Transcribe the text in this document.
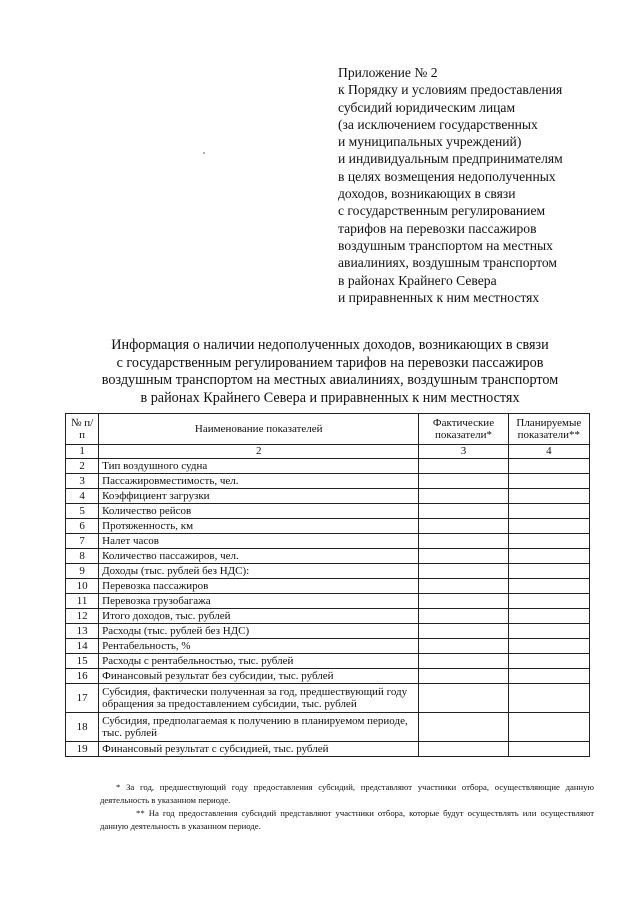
Приложение № 2
к Порядку и условиям предоставления
субсидий юридическим лицам
(за исключением государственных
и муниципальных учреждений)
и индивидуальным предпринимателям
в целях возмещения недополученных
доходов, возникающих в связи
с государственным регулированием
тарифов на перевозки пассажиров
воздушным транспортом на местных
авиалиниях, воздушным транспортом
в районах Крайнего Севера
и приравненных к ним местностях
Информация о наличии недополученных доходов, возникающих в связи
с государственным регулированием тарифов на перевозки пассажиров
воздушным транспортом на местных авиалиниях, воздушным транспортом
в районах Крайнего Севера и приравненных к ним местностях
№ п/п	Наименование показателей	Фактические показатели*	Планируемые показатели**
1	2	3	4
2	Тип воздушного судна		
3	Пассажировместимость, чел.		
4	Коэффициент загрузки		
5	Количество рейсов		
6	Протяженность, км		
7	Налет часов		
8	Количество пассажиров, чел.		
9	Доходы (тыс. рублей без НДС):		
10	Перевозка пассажиров		
11	Перевозка грузобагажа		
12	Итого доходов, тыс. рублей		
13	Расходы (тыс. рублей без НДС)		
14	Рентабельность, %		
15	Расходы с рентабельностью, тыс. рублей		
16	Финансовый результат без субсидии, тыс. рублей		
17	Субсидия, фактически полученная за год, предшествующий году обращения за предоставлением субсидии, тыс. рублей		
18	Субсидия, предполагаемая к получению в планируемом периоде, тыс. рублей		
19	Финансовый результат с субсидией, тыс. рублей		

* За год, предшествующий году предоставления субсидий, представляют участники отбора, осуществляющие данную деятельность в указанном периоде.

** На год предоставления субсидий представляют участники отбора, которые будут осуществлять или осуществляют данную деятельность в указанном периоде.
